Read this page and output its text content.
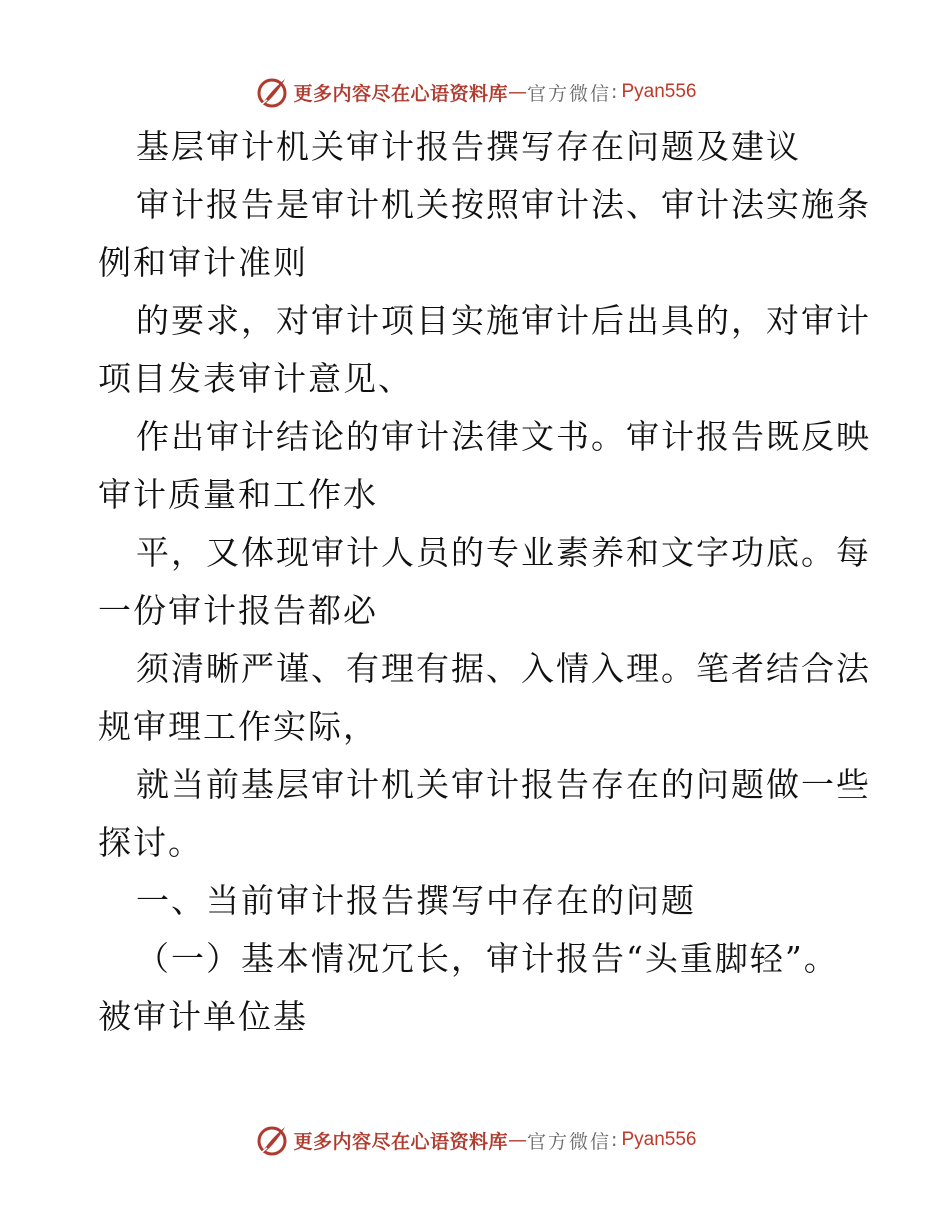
更多内容尽在心语资料库 — 官方微信 : Pyan556
基层审计机关审计报告撰写存在问题及建议
审计报告是审计机关按照审计法、审计法实施条
例和审计准则
的要求，对审计项目实施审计后出具的，对审计
项目发表审计意见、
作出审计结论的审计法律文书。审计报告既反映
审计质量和工作水
平，又体现审计人员的专业素养和文字功底。每
一份审计报告都必
须清晰严谨、有理有据、入情入理。笔者结合法
规审理工作实际，
就当前基层审计机关审计报告存在的问题做一些
探讨。
一、当前审计报告撰写中存在的问题
（一）基本情况冗长，审计报告“头重脚轻”。
被审计单位基
更多内容尽在心语资料库 — 官方微信 : Pyan556
